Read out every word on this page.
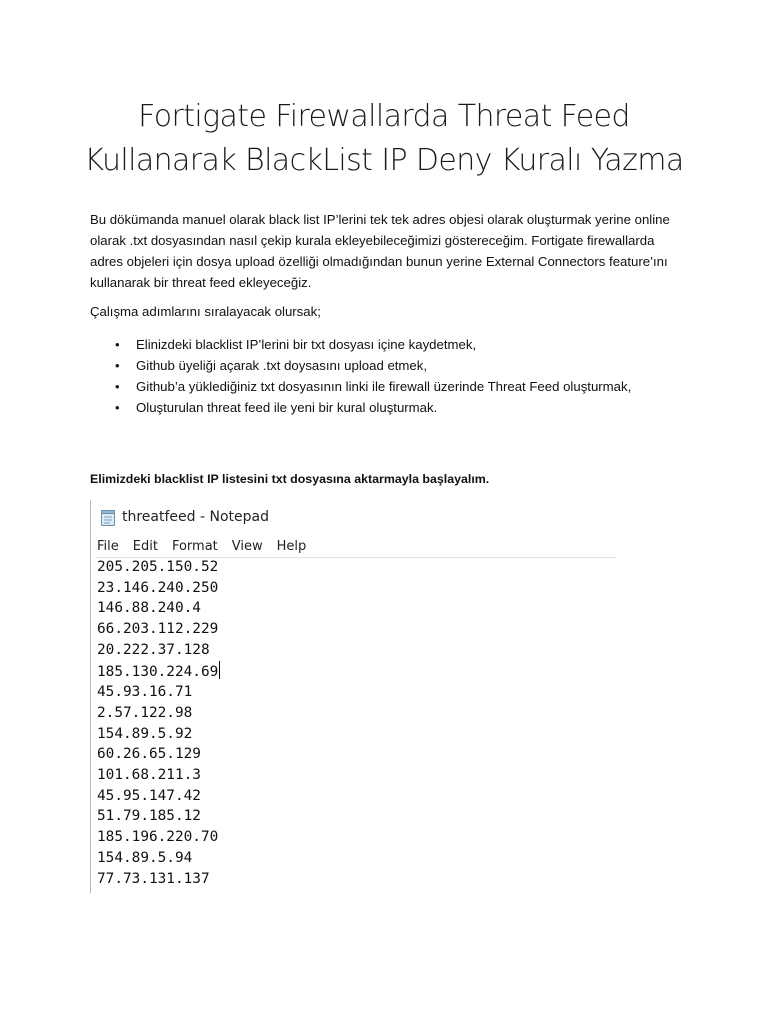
Fortigate Firewallarda Threat Feed
Kullanarak BlackList IP Deny Kuralı Yazma

Bu dökümanda manuel olarak black list IP’lerini tek tek adres objesi olarak oluşturmak yerine online olarak .txt dosyasından nasıl çekip kurala ekleyebileceğimizi göstereceğim. Fortigate firewallarda adres objeleri için dosya upload özelliği olmadığından bunun yerine External Connectors feature’ını kullanarak bir threat feed ekleyeceğiz.

Çalışma adımlarını sıralayacak olursak;

• Elinizdeki blacklist IP’lerini bir txt dosyası içine kaydetmek,
• Github üyeliği açarak .txt doysasını upload etmek,
• Github’a yüklediğiniz txt dosyasının linki ile firewall üzerinde Threat Feed oluşturmak,
• Oluşturulan threat feed ile yeni bir kural oluşturmak.

Elimizdeki blacklist IP listesini txt dosyasına aktarmayla başlayalım.

threatfeed - Notepad
File Edit Format View Help
205.205.150.52
23.146.240.250
146.88.240.4
66.203.112.229
20.222.37.128
185.130.224.69
45.93.16.71
2.57.122.98
154.89.5.92
60.26.65.129
101.68.211.3
45.95.147.42
51.79.185.12
185.196.220.70
154.89.5.94
77.73.131.137
